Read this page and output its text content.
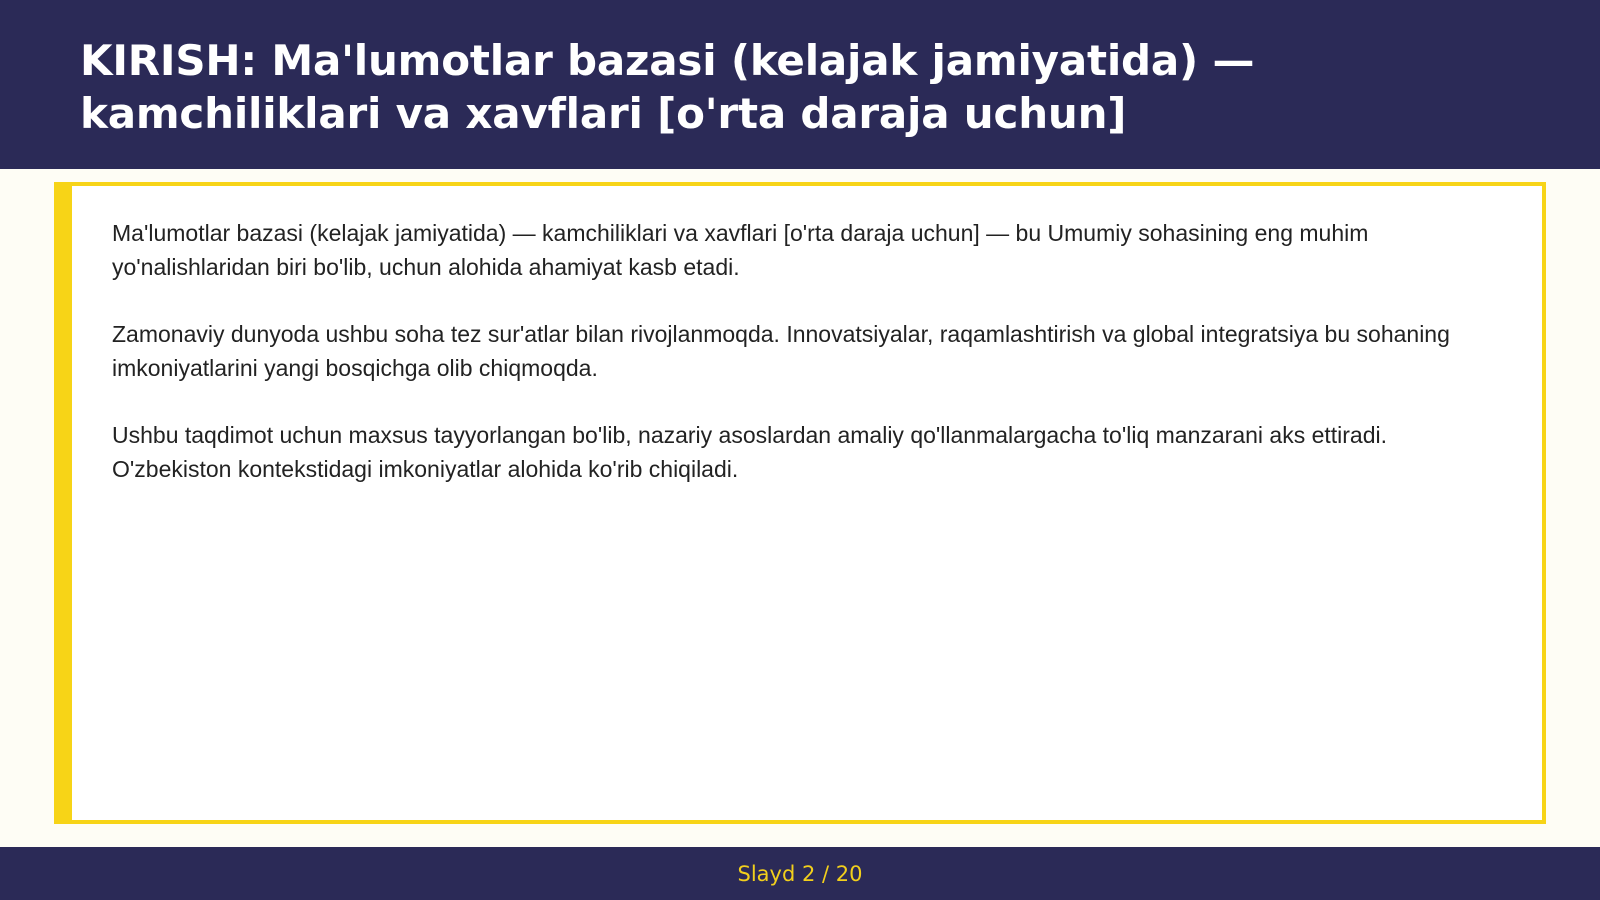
KIRISH: Ma'lumotlar bazasi (kelajak jamiyatida) — kamchiliklari va xavflari [o'rta daraja uchun]

Ma'lumotlar bazasi (kelajak jamiyatida) — kamchiliklari va xavflari [o'rta daraja uchun] — bu Umumiy sohasining eng muhim yo'nalishlaridan biri bo'lib, uchun alohida ahamiyat kasb etadi.

Zamonaviy dunyoda ushbu soha tez sur'atlar bilan rivojlanmoqda. Innovatsiyalar, raqamlashtirish va global integratsiya bu sohaning imkoniyatlarini yangi bosqichga olib chiqmoqda.

Ushbu taqdimot uchun maxsus tayyorlangan bo'lib, nazariy asoslardan amaliy qo'llanmalargacha to'liq manzarani aks ettiradi. O'zbekiston kontekstidagi imkoniyatlar alohida ko'rib chiqiladi.

Slayd 2 / 20
